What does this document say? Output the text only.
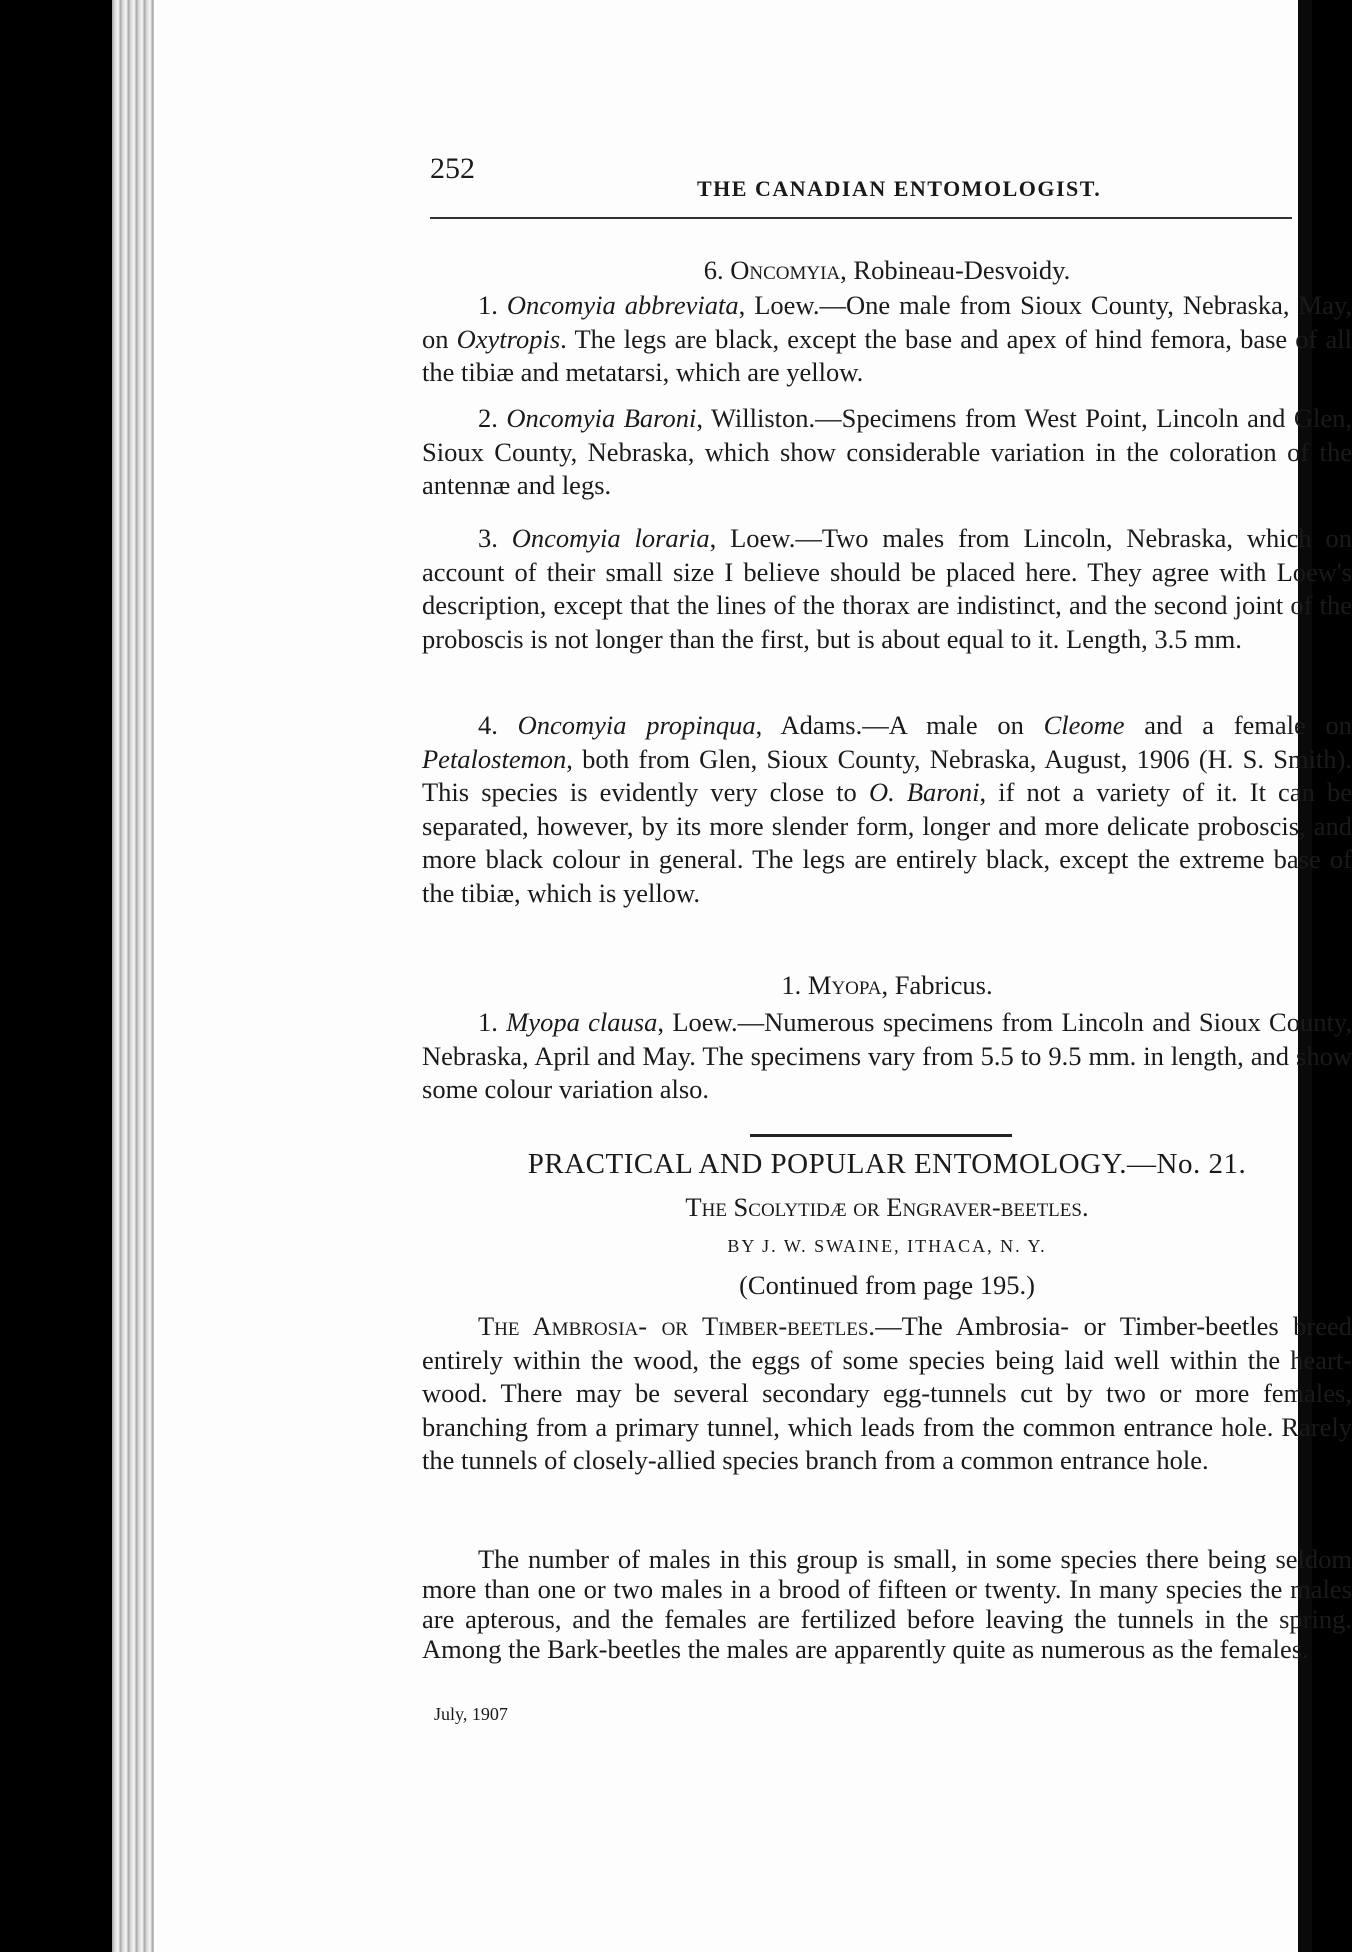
252
THE CANADIAN ENTOMOLOGIST.
6. Oncomyia, Robineau-Desvoidy.
1. Oncomyia abbreviata, Loew.—One male from Sioux County, Nebraska, May, on Oxytropis. The legs are black, except the base and apex of hind femora, base of all the tibiæ and metatarsi, which are yellow.
2. Oncomyia Baroni, Williston.—Specimens from West Point, Lincoln and Glen, Sioux County, Nebraska, which show considerable variation in the coloration of the antennæ and legs.
3. Oncomyia loraria, Loew.—Two males from Lincoln, Nebraska, which on account of their small size I believe should be placed here. They agree with Loew's description, except that the lines of the thorax are indistinct, and the second joint of the proboscis is not longer than the first, but is about equal to it. Length, 3.5 mm.
4. Oncomyia propinqua, Adams.—A male on Cleome and a female on Petalostemon, both from Glen, Sioux County, Nebraska, August, 1906 (H. S. Smith). This species is evidently very close to O. Baroni, if not a variety of it. It can be separated, however, by its more slender form, longer and more delicate proboscis, and more black colour in general. The legs are entirely black, except the extreme base of the tibiæ, which is yellow.
1. Myopa, Fabricus.
1. Myopa clausa, Loew.—Numerous specimens from Lincoln and Sioux County, Nebraska, April and May. The specimens vary from 5.5 to 9.5 mm. in length, and show some colour variation also.
PRACTICAL AND POPULAR ENTOMOLOGY.—No. 21.
The Scolytidæ or Engraver-beetles.
BY J. W. SWAINE, ITHACA, N. Y.
(Continued from page 195.)
The Ambrosia- or Timber-beetles.—The Ambrosia- or Timber-beetles breed entirely within the wood, the eggs of some species being laid well within the heart-wood. There may be several secondary egg-tunnels cut by two or more females, branching from a primary tunnel, which leads from the common entrance hole. Rarely the tunnels of closely-allied species branch from a common entrance hole.
The number of males in this group is small, in some species there being seldom more than one or two males in a brood of fifteen or twenty. In many species the males are apterous, and the females are fertilized before leaving the tunnels in the spring. Among the Bark-beetles the males are apparently quite as numerous as the females.
July, 1907
